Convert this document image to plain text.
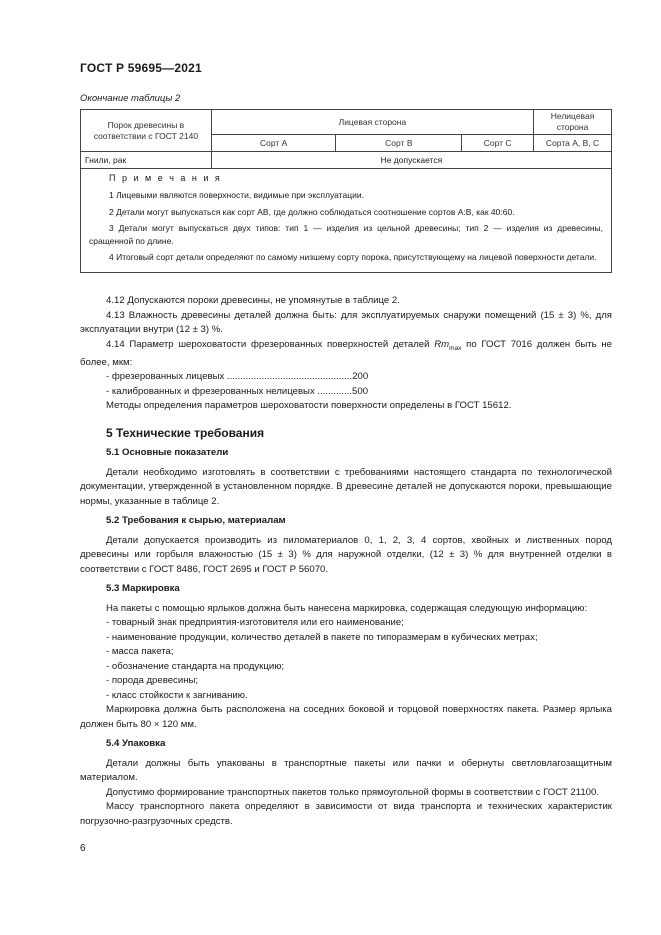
ГОСТ Р 59695—2021
Окончание таблицы 2
Порок древесины в соответствии с ГОСТ 2140	Лицевая сторона			Нелицевая сторона
	Сорт А	Сорт В	Сорт С	Сорта А, В, С
Гнили, рак	Не допускается			

П р и м е ч а н и я
1 Лицевыми являются поверхности, видимые при эксплуатации.
2 Детали могут выпускаться как сорт АВ, где должно соблюдаться соотношение сортов А:В, как 40:60.
3 Детали могут выпускаться двух типов: тип 1 — изделия из цельной древесины; тип 2 — изделия из древесины, сращенной по длине.
4 Итоговый сорт детали определяют по самому низшему сорту порока, присутствующему на лицевой поверхности детали.				

4.12 Допускаются пороки древесины, не упомянутые в таблице 2.

4.13 Влажность древесины деталей должна быть: для эксплуатируемых снаружи помещений (15 ± 3) %, для эксплуатации внутри (12 ± 3) %.

4.14 Параметр шероховатости фрезерованных поверхностей деталей $Rm_{max}$ по ГОСТ 7016 должен быть не более, мкм:

- фрезерованных лицевых ...............................................200

- калиброванных и фрезерованных нелицевых .............500

Методы определения параметров шероховатости поверхности определены в ГОСТ 15612.

5 Технические требования
5.1 Основные показатели

Детали необходимо изготовлять в соответствии с требованиями настоящего стандарта по технологической документации, утвержденной в установленном порядке. В древесине деталей не допускаются пороки, превышающие нормы, указанные в таблице 2.

5.2 Требования к сырью, материалам

Детали допускается производить из пиломатериалов 0, 1, 2, 3, 4 сортов, хвойных и лиственных пород древесины или горбыля влажностью (15 ± 3) % для наружной отделки, (12 ± 3) % для внутренней отделки в соответствии с ГОСТ 8486, ГОСТ 2695 и ГОСТ Р 56070.

5.3 Маркировка

На пакеты с помощью ярлыков должна быть нанесена маркировка, содержащая следующую информацию:

- товарный знак предприятия-изготовителя или его наименование;

- наименование продукции, количество деталей в пакете по типоразмерам в кубических метрах;

- масса пакета;

- обозначение стандарта на продукцию;

- порода древесины;

- класс стойкости к загниванию.

Маркировка должна быть расположена на соседних боковой и торцовой поверхностях пакета. Размер ярлыка должен быть 80 × 120 мм.

5.4 Упаковка

Детали должны быть упакованы в транспортные пакеты или пачки и обернуты светловлагозащитным материалом.

Допустимо формирование транспортных пакетов только прямоугольной формы в соответствии с ГОСТ 21100.

Массу транспортного пакета определяют в зависимости от вида транспорта и технических характеристик погрузочно-разгрузочных средств.

6
